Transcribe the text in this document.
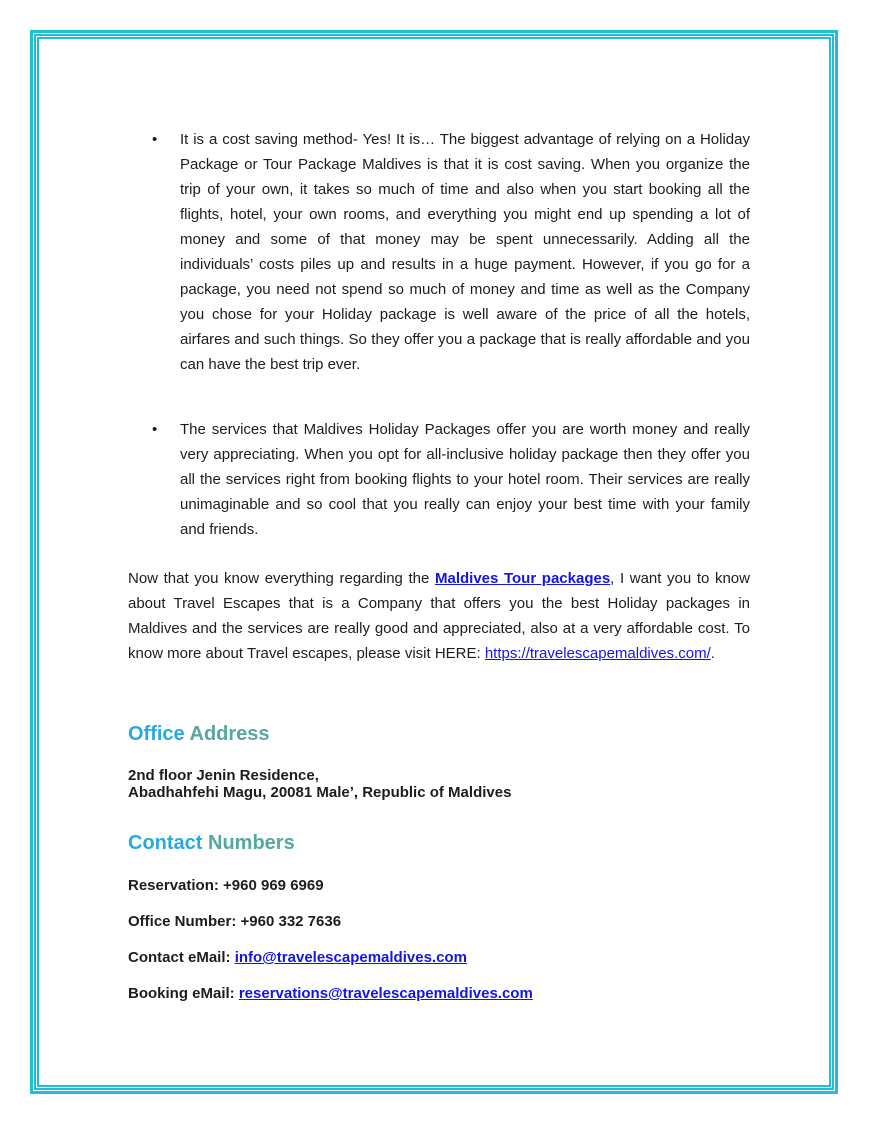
• It is a cost saving method- Yes! It is… The biggest advantage of relying on a Holiday Package or Tour Package Maldives is that it is cost saving. When you organize the trip of your own, it takes so much of time and also when you start booking all the flights, hotel, your own rooms, and everything you might end up spending a lot of money and some of that money may be spent unnecessarily. Adding all the individuals’ costs piles up and results in a huge payment. However, if you go for a package, you need not spend so much of money and time as well as the Company you chose for your Holiday package is well aware of the price of all the hotels, airfares and such things. So they offer you a package that is really affordable and you can have the best trip ever.
• The services that Maldives Holiday Packages offer you are worth money and really very appreciating. When you opt for all-inclusive holiday package then they offer you all the services right from booking flights to your hotel room. Their services are really unimaginable and so cool that you really can enjoy your best time with your family and friends.

Now that you know everything regarding the Maldives Tour packages, I want you to know about Travel Escapes that is a Company that offers you the best Holiday packages in Maldives and the services are really good and appreciated, also at a very affordable cost. To know more about Travel escapes, please visit HERE: https://travelescapemaldives.com/.

Office Address
2nd floor Jenin Residence,
Abadhahfehi Magu, 20081 Male’, Republic of Maldives
Contact Numbers
Reservation: +960 969 6969
Office Number: +960 332 7636
Contact eMail: info@travelescapemaldives.com
Booking eMail: reservations@travelescapemaldives.com
